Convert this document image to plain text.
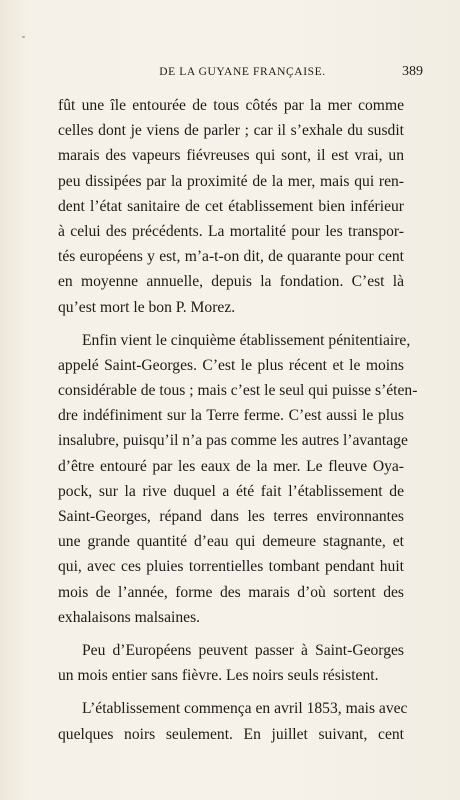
DE LA GUYANE FRANÇAISE.	389
fût une île entourée de tous côtés par la mer comme
celles dont je viens de parler ; car il s’exhale du susdit
marais des vapeurs fiévreuses qui sont, il est vrai, un
peu dissipées par la proximité de la mer, mais qui ren-
dent l’état sanitaire de cet établissement bien inférieur
à celui des précédents. La mortalité pour les transpor-
tés européens y est, m’a-t-on dit, de quarante pour cent
en moyenne annuelle, depuis la fondation. C’est là
qu’est mort le bon P. Morez.
Enfin vient le cinquième établissement pénitentiaire,
appelé Saint-Georges. C’est le plus récent et le moins
considérable de tous ; mais c’est le seul qui puisse s’éten-
dre indéfiniment sur la Terre ferme. C’est aussi le plus
insalubre, puisqu’il n’a pas comme les autres l’avantage
d’être entouré par les eaux de la mer. Le fleuve Oya-
pock, sur la rive duquel a été fait l’établissement de
Saint-Georges, répand dans les terres environnantes
une grande quantité d’eau qui demeure stagnante, et
qui, avec ces pluies torrentielles tombant pendant huit
mois de l’année, forme des marais d’où sortent des
exhalaisons malsaines.
Peu d’Européens peuvent passer à Saint-Georges
un mois entier sans fièvre. Les noirs seuls résistent.
L’établissement commença en avril 1853, mais avec
quelques noirs seulement. En juillet suivant, cent
